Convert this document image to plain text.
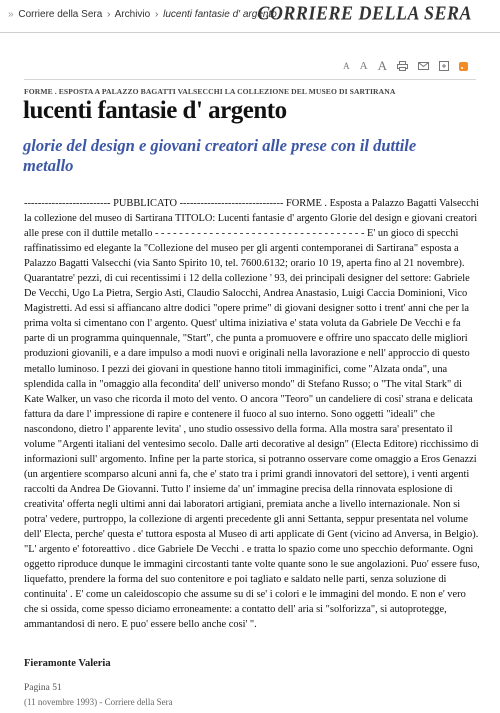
» Corriere della Sera › Archivio › lucenti fantasie d' argento
CORRIERE DELLA SERA
A A A
FORME . ESPOSTA A PALAZZO BAGATTI VALSECCHI LA COLLEZIONE DEL MUSEO DI SARTIRANA
lucenti fantasie d' argento
glorie del design e giovani creatori alle prese con il duttile metallo

------------------------- PUBBLICATO ------------------------------ FORME . Esposta a Palazzo Bagatti Valsecchi la collezione del museo di Sartirana TITOLO: Lucenti fantasie d' argento Glorie del design e giovani creatori alle prese con il duttile metallo - - - - - - - - - - - - - - - - - - - - - - - - - - - - - - - - - - - E' un gioco di specchi raffinatissimo ed elegante la "Collezione del museo per gli argenti contemporanei di Sartirana" esposta a Palazzo Bagatti Valsecchi (via Santo Spirito 10, tel. 7600.6132; orario 10 19, aperta fino al 21 novembre). Quarantatre' pezzi, di cui recentissimi i 12 della collezione ' 93, dei principali designer del settore: Gabriele De Vecchi, Ugo La Pietra, Sergio Asti, Claudio Salocchi, Andrea Anastasio, Luigi Caccia Dominioni, Vico Magistretti. Ad essi si affiancano altre dodici "opere prime" di giovani designer sotto i trent' anni che per la prima volta si cimentano con l' argento. Quest' ultima iniziativa e' stata voluta da Gabriele De Vecchi e fa parte di un programma quinquennale, "Start", che punta a promuovere e offrire uno spaccato delle migliori produzioni giovanili, e a dare impulso a modi nuovi e originali nella lavorazione e nell' approccio di questo metallo luminoso. I pezzi dei giovani in questione hanno titoli immaginifici, come "Alzata onda", una splendida calla in "omaggio alla fecondita' dell' universo mondo" di Stefano Russo; o "The vital Stark" di Kate Walker, un vaso che ricorda il moto del vento. O ancora "Teoro" un candeliere di cosi' strana e delicata fattura da dare l' impressione di rapire e contenere il fuoco al suo interno. Sono oggetti "ideali" che nascondono, dietro l' apparente levita' , uno studio ossessivo della forma. Alla mostra sara' presentato il volume "Argenti italiani del ventesimo secolo. Dalle arti decorative al design" (Electa Editore) ricchissimo di informazioni sull' argomento. Infine per la parte storica, si potranno osservare come omaggio a Eros Genazzi (un argentiere scomparso alcuni anni fa, che e' stato tra i primi grandi innovatori del settore), i venti argenti raccolti da Andrea De Giovanni. Tutto l' insieme da' un' immagine precisa della rinnovata esplosione di creativita' offerta negli ultimi anni dai laboratori artigiani, premiata anche a livello internazionale. Non si potra' vedere, purtroppo, la collezione di argenti precedente gli anni Settanta, seppur presentata nel volume dell' Electa, perche' questa e' tuttora esposta al Museo di arti applicate di Gent (vicino ad Anversa, in Belgio). "L' argento e' fotoreattivo . dice Gabriele De Vecchi . e tratta lo spazio come uno specchio deformante. Ogni oggetto riproduce dunque le immagini circostanti tante volte quante sono le sue angolazioni. Puo' essere fuso, liquefatto, prendere la forma del suo contenitore e poi tagliato e saldato nelle parti, senza soluzione di continuita' . E' come un caleidoscopio che assume su di se' i colori e le immagini del mondo. E non e' vero che si ossida, come spesso diciamo erroneamente: a contatto dell' aria si "solforizza", si autoprotegge, ammantandosi di nero. E puo' essere bello anche cosi' ".

Fieramonte Valeria
Pagina 51
(11 novembre 1993) - Corriere della Sera
